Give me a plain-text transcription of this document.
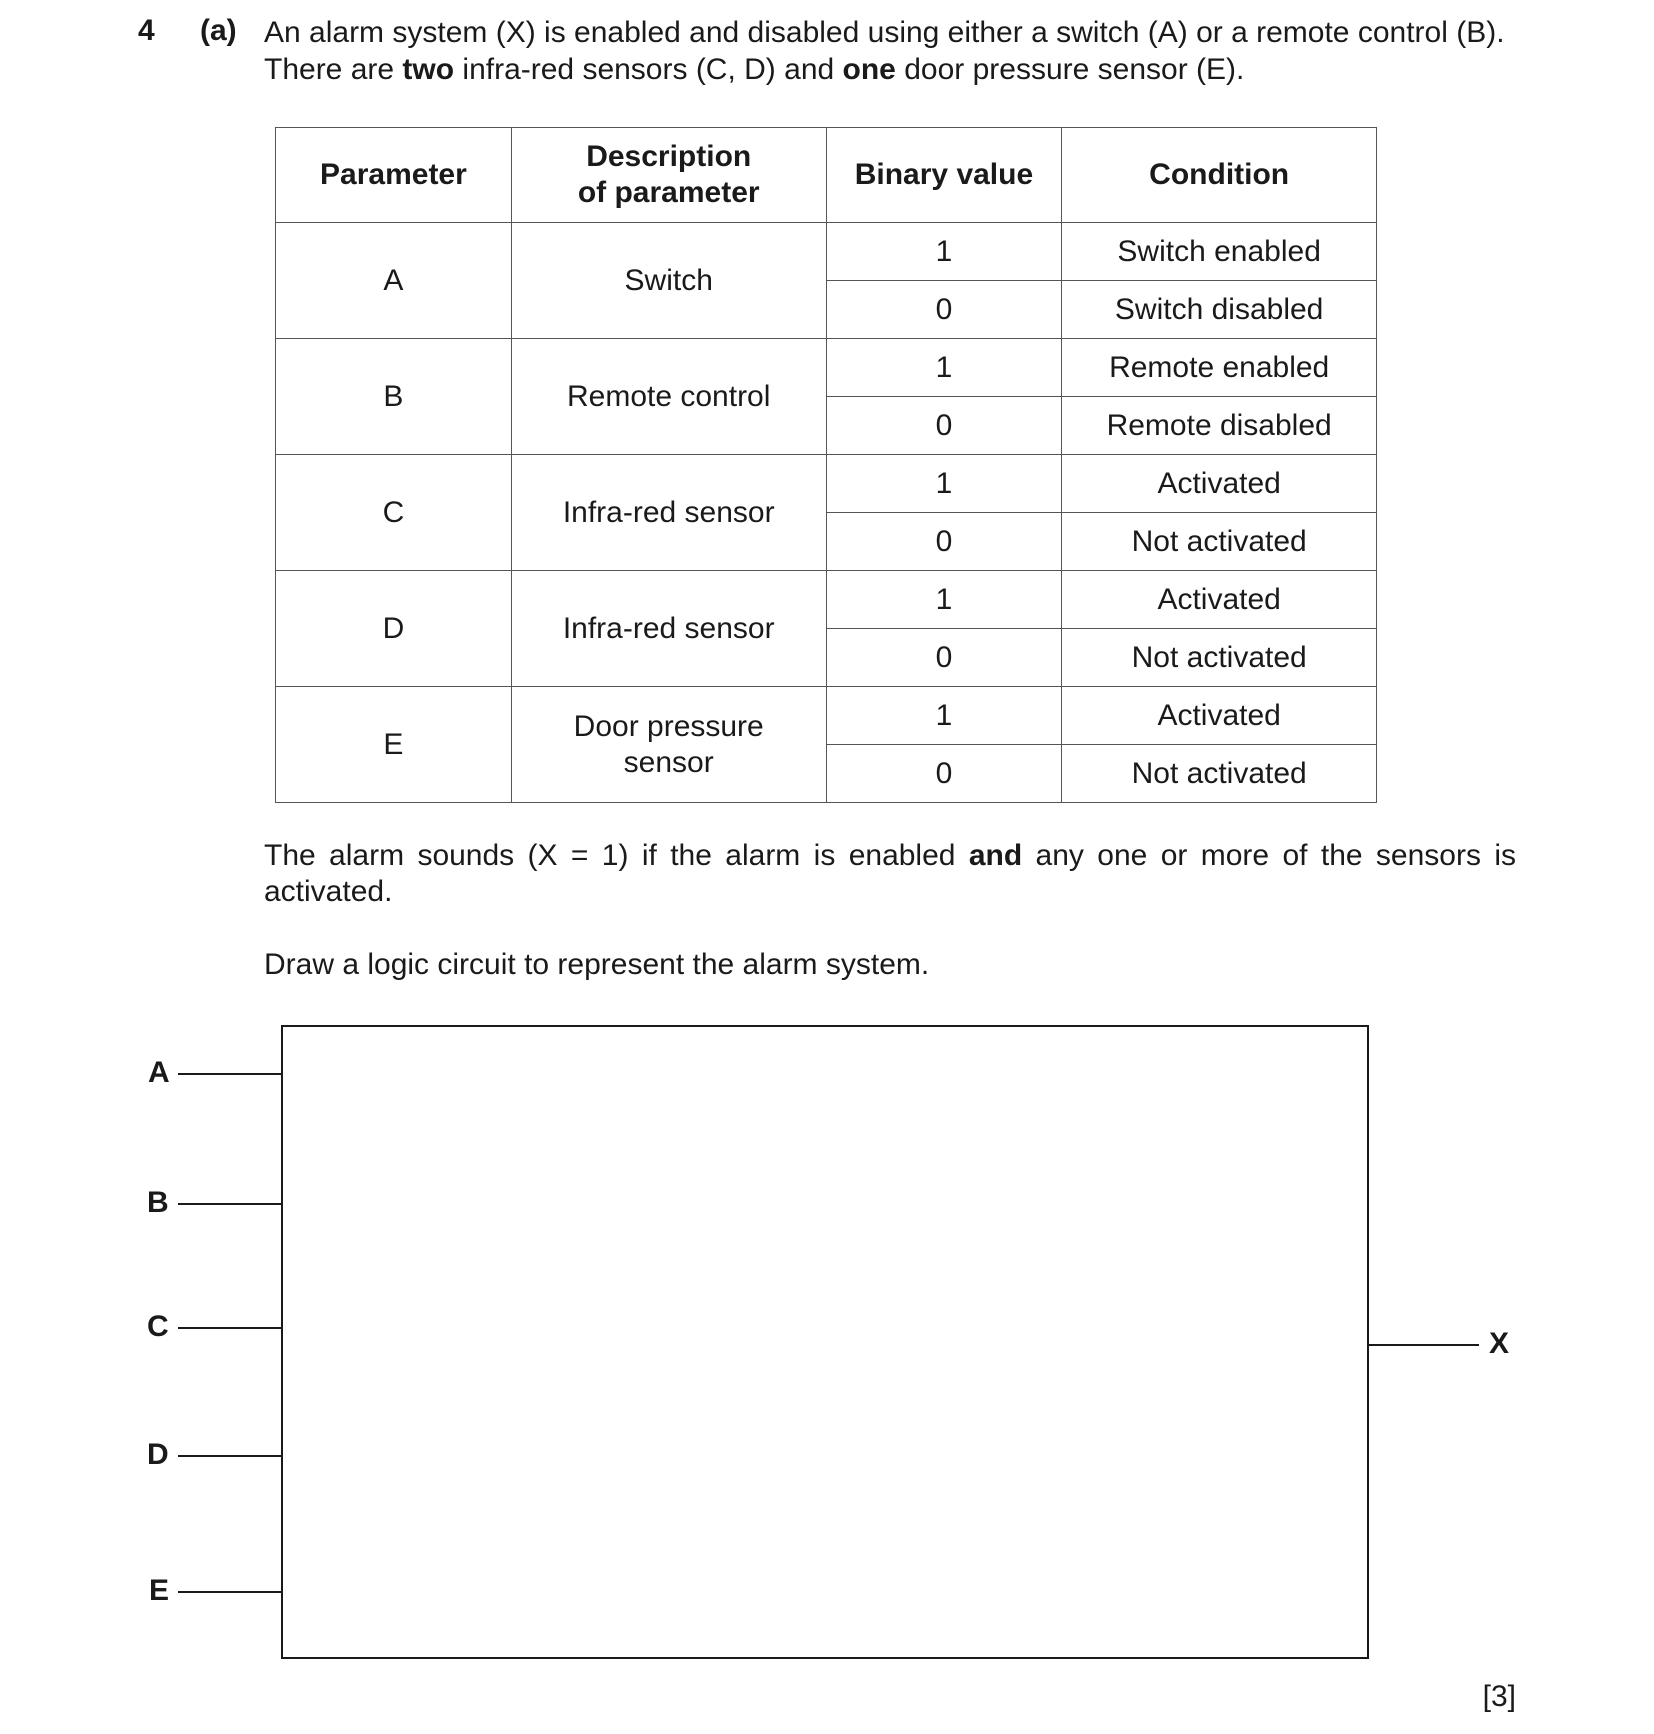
4 (a) An alarm system (X) is enabled and disabled using either a switch (A) or a remote control (B).
There are two infra-red sensors (C, D) and one door pressure sensor (E).
Parameter	Description of parameter	Binary value	Condition
A	Switch	1	Switch enabled
		0	Switch disabled
B	Remote control	1	Remote enabled
		0	Remote disabled
C	Infra-red sensor	1	Activated
		0	Not activated
D	Infra-red sensor	1	Activated
		0	Not activated
E	Door pressure sensor	1	Activated
		0	Not activated
The alarm sounds (X = 1) if the alarm is enabled and any one or more of the sensors is activated.
Draw a logic circuit to represent the alarm system.
A
B
C
D
E
X
[3]
